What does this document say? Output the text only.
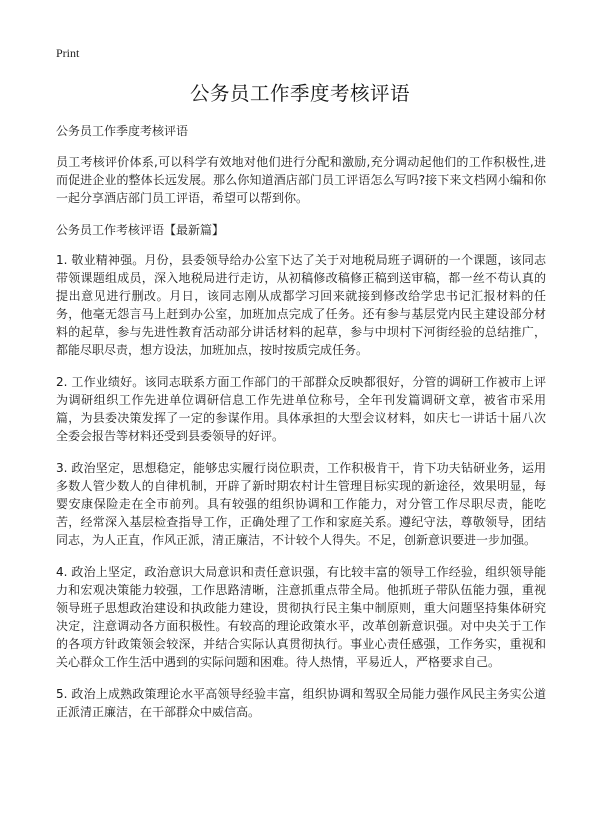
Print
公务员工作季度考核评语

公务员工作季度考核评语

员工考核评价体系,可以科学有效地对他们进行分配和激励,充分调动起他们的工作积极性,进而促进企业的整体长远发展。那么你知道酒店部门员工评语怎么写吗?接下来文档网小编和你一起分享酒店部门员工评语，希望可以帮到你。

公务员工作考核评语【最新篇】

1. 敬业精神强。月份，县委领导给办公室下达了关于对地税局班子调研的一个课题，该同志带领课题组成员，深入地税局进行走访，从初稿修改稿修正稿到送审稿，都一丝不苟认真的提出意见进行删改。月日，该同志刚从成都学习回来就接到修改给学忠书记汇报材料的任务，他毫无怨言马上赶到办公室，加班加点完成了任务。还有参与基层党内民主建设部分材料的起草，参与先进性教育活动部分讲话材料的起草，参与中坝村下河街经验的总结推广，都能尽职尽责，想方设法，加班加点，按时按质完成任务。

2. 工作业绩好。该同志联系方面工作部门的干部群众反映都很好，分管的调研工作被市上评为调研组织工作先进单位调研信息工作先进单位称号，全年刊发篇调研文章，被省市采用篇，为县委决策发挥了一定的参谋作用。具体承担的大型会议材料，如庆七一讲话十届八次全委会报告等材料还受到县委领导的好评。

3. 政治坚定，思想稳定，能够忠实履行岗位职责，工作积极肯干，肯下功夫钻研业务，运用多数人管少数人的自律机制，开辟了新时期农村计生管理目标实现的新途径，效果明显，每婴安康保险走在全市前列。具有较强的组织协调和工作能力，对分管工作尽职尽责，能吃苦，经常深入基层检查指导工作，正确处理了工作和家庭关系。遵纪守法，尊敬领导，团结同志，为人正直，作风正派，清正廉洁，不计较个人得失。不足，创新意识要进一步加强。

4. 政治上坚定，政治意识大局意识和责任意识强，有比较丰富的领导工作经验，组织领导能力和宏观决策能力较强，工作思路清晰，注意抓重点带全局。他抓班子带队伍能力强，重视领导班子思想政治建设和执政能力建设，贯彻执行民主集中制原则，重大问题坚持集体研究决定，注意调动各方面积极性。有较高的理论政策水平，改革创新意识强。对中央关于工作的各项方针政策领会较深，并结合实际认真贯彻执行。事业心责任感强，工作务实，重视和关心群众工作生活中遇到的实际问题和困难。待人热情，平易近人，严格要求自己。

5. 政治上成熟政策理论水平高领导经验丰富，组织协调和驾驭全局能力强作风民主务实公道正派清正廉洁，在干部群众中威信高。
